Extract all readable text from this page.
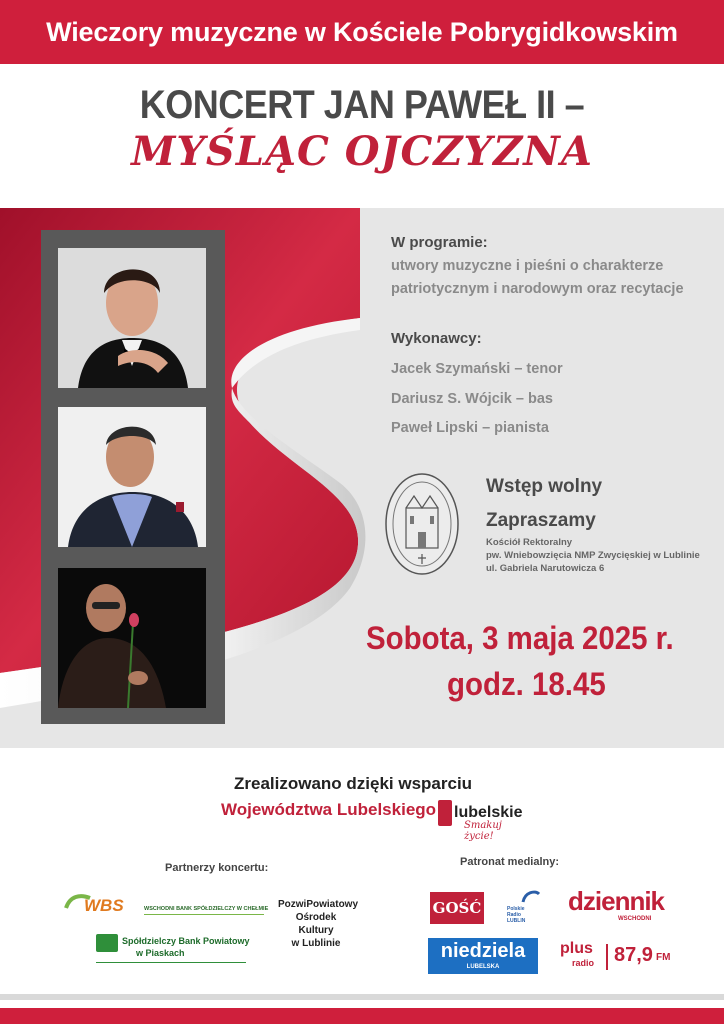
Wieczory muzyczne w Kościele Pobrygidkowskim
KONCERT JAN PAWEŁ II –
MYŚLĄC OJCZYZNA
W programie:
utwory muzyczne i pieśni o charakterze
patriotycznym i narodowym oraz recytacje
Wykonawcy:
Jacek Szymański – tenor
Dariusz S. Wójcik – bas
Paweł Lipski – pianista
Wstęp wolny
Zapraszamy
Kościół Rektoralny
pw. Wniebowzięcia NMP Zwycięskiej w Lublinie
ul. Gabriela Narutowicza 6
Sobota, 3 maja 2025 r.
godz. 18.45
Zrealizowano dzięki wsparciu
Województwa Lubelskiego lubelskie
Smakuj życie!
Partnerzy koncertu:	Patronat medialny:
WBS	WSCHODNI BANK SPÓŁDZIELCZY W CHEŁMIE
Spółdzielczy Bank Powiatowy
w Piaskach
PozwiPowiatowy
Ośrodek Kultury
w Lublinie
GOŚĆ	Polskie
Radio
LUBLIN
dziennik
WSCHODNI
niedziela
LUBELSKA
plus
radio 87,9 FM
